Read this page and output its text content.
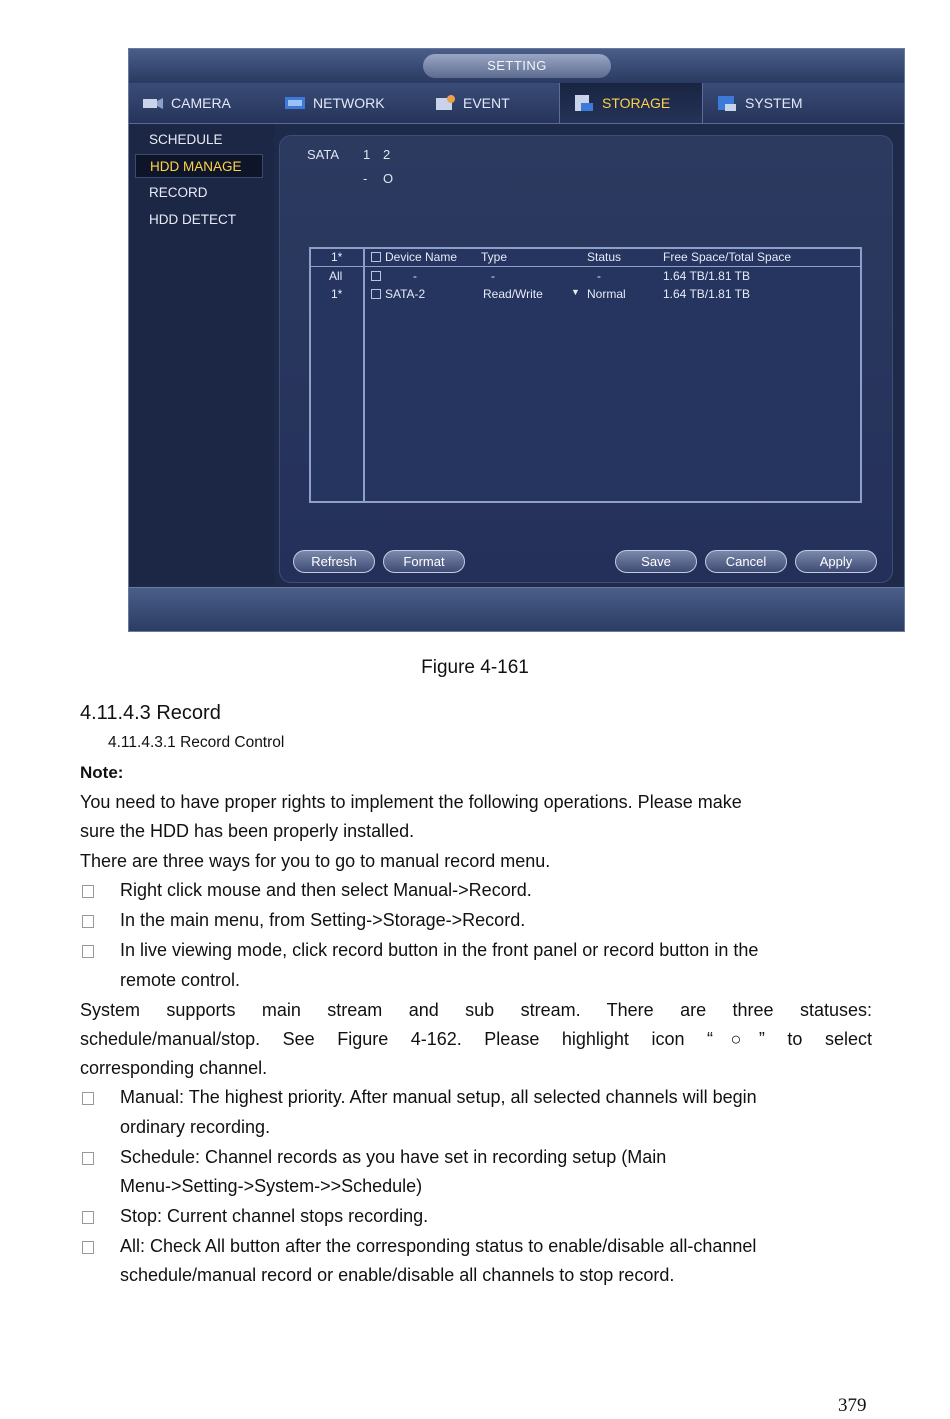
SETTING
CAMERA	NETWORK	EVENT	STORAGE	SYSTEM
SCHEDULE
HDD MANAGE
RECORD
HDD DETECT
SATA 1 2
- O
1*	Device Name Type	Status	Free Space/Total Space
All	-	-	-	1.64 TB/1.81 TB
1*	SATA-2	Read/Write	▼ Normal	1.64 TB/1.81 TB
Refresh	Format	Save	Cancel	Apply
Figure 4-161
4.11.4.3 Record
4.11.4.3.1 Record Control
Note:
You need to have proper rights to implement the following operations. Please make
sure the HDD has been properly installed.
There are three ways for you to go to manual record menu.
Right click mouse and then select Manual->Record.
In the main menu, from Setting->Storage->Record.
In live viewing mode, click record button in the front panel or record button in the
remote control.
System supports main stream and sub stream. There are three statuses:
schedule/manual/stop. See Figure 4-162. Please highlight icon “○” to select
corresponding channel.
Manual: The highest priority. After manual setup, all selected channels will begin
ordinary recording.
Schedule: Channel records as you have set in recording setup (Main
Menu->Setting->System->>Schedule)
Stop: Current channel stops recording.
All: Check All button after the corresponding status to enable/disable all-channel
schedule/manual record or enable/disable all channels to stop record.
379
